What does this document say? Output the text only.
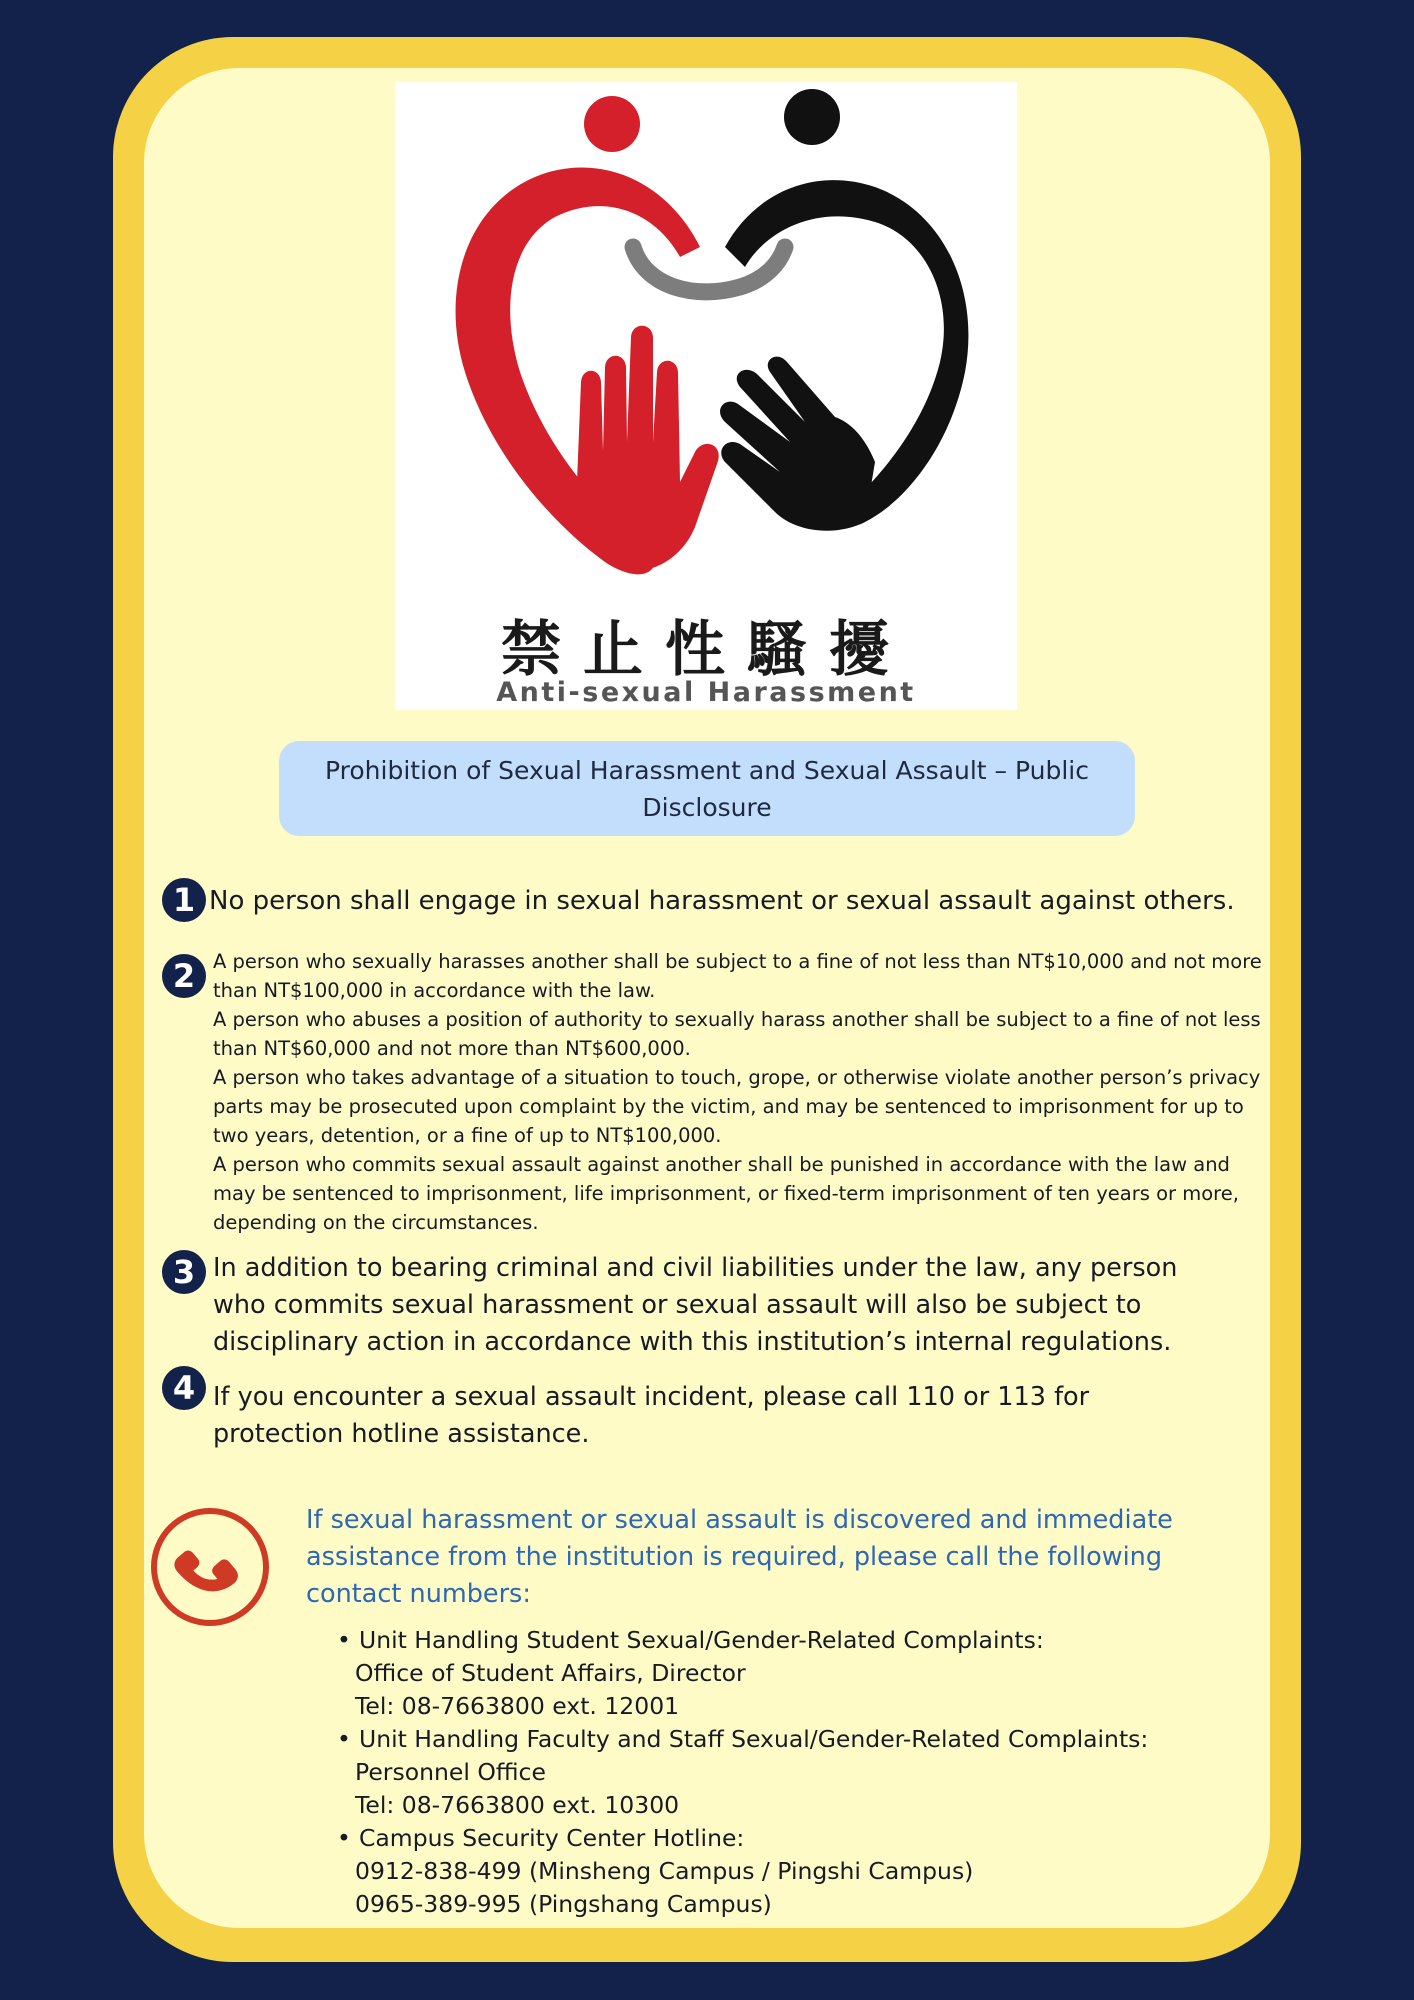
禁止性騷擾
Anti-sexual Harassment
Prohibition of Sexual Harassment and Sexual Assault – Public Disclosure
1 No person shall engage in sexual harassment or sexual assault against others.
2 A person who sexually harasses another shall be subject to a fine of not less than NT$10,000 and not more than NT$100,000 in accordance with the law.

A person who abuses a position of authority to sexually harass another shall be subject to a fine of not less than NT$60,000 and not more than NT$600,000.

A person who takes advantage of a situation to touch, grope, or otherwise violate another person’s privacy parts may be prosecuted upon complaint by the victim, and may be sentenced to imprisonment for up to two years, detention, or a fine of up to NT$100,000.

A person who commits sexual assault against another shall be punished in accordance with the law and may be sentenced to imprisonment, life imprisonment, or fixed-term imprisonment of ten years or more, depending on the circumstances.

3 In addition to bearing criminal and civil liabilities under the law, any person who commits sexual harassment or sexual assault will also be subject to disciplinary action in accordance with this institution’s internal regulations.
4 If you encounter a sexual assault incident, please call 110 or 113 for protection hotline assistance.
If sexual harassment or sexual assault is discovered and immediate assistance from the institution is required, please call the following contact numbers:
• Unit Handling Student Sexual/Gender-Related Complaints:
Office of Student Affairs, Director
Tel: 08-7663800 ext. 12001
• Unit Handling Faculty and Staff Sexual/Gender-Related Complaints:
Personnel Office
Tel: 08-7663800 ext. 10300
• Campus Security Center Hotline:
0912-838-499 (Minsheng Campus / Pingshi Campus)
0965-389-995 (Pingshang Campus)
